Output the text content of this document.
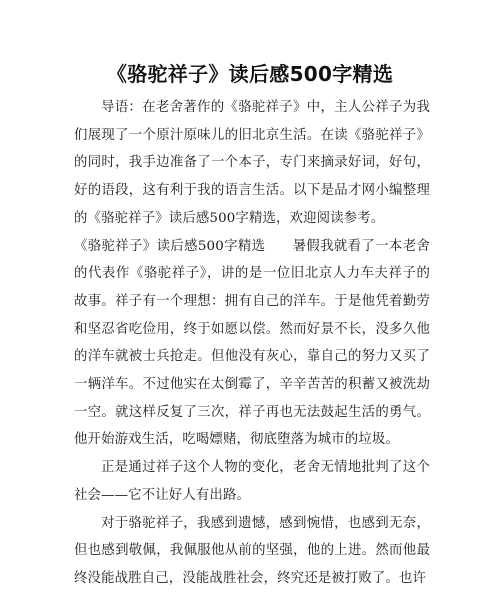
《骆驼祥子》读后感500字精选

导语：在老舍著作的《骆驼祥子》中，主人公祥子为我们展现了一个原汁原味儿的旧北京生活。在读《骆驼祥子》的同时，我手边准备了一个本子，专门来摘录好词，好句，好的语段，这有利于我的语言生活。以下是品才网小编整理的《骆驼祥子》读后感500字精选，欢迎阅读参考。

《骆驼祥子》读后感500字精选 暑假我就看了一本老舍的代表作《骆驼祥子》，讲的是一位旧北京人力车夫祥子的故事。祥子有一个理想：拥有自己的洋车。于是他凭着勤劳和坚忍省吃俭用，终于如愿以偿。然而好景不长，没多久他的洋车就被士兵抢走。但他没有灰心，靠自己的努力又买了一辆洋车。不过他实在太倒霉了，辛辛苦苦的积蓄又被洗劫一空。就这样反复了三次，祥子再也无法鼓起生活的勇气。他开始游戏生活，吃喝嫖赌，彻底堕落为城市的垃圾。

正是通过祥子这个人物的变化，老舍无情地批判了这个社会——它不让好人有出路。

对于骆驼祥子，我感到遗憾，感到惋惜，也感到无奈，但也感到敬佩，我佩服他从前的坚强，他的上进。然而他最终没能战胜自己，没能战胜社会，终究还是被打败了。也许
